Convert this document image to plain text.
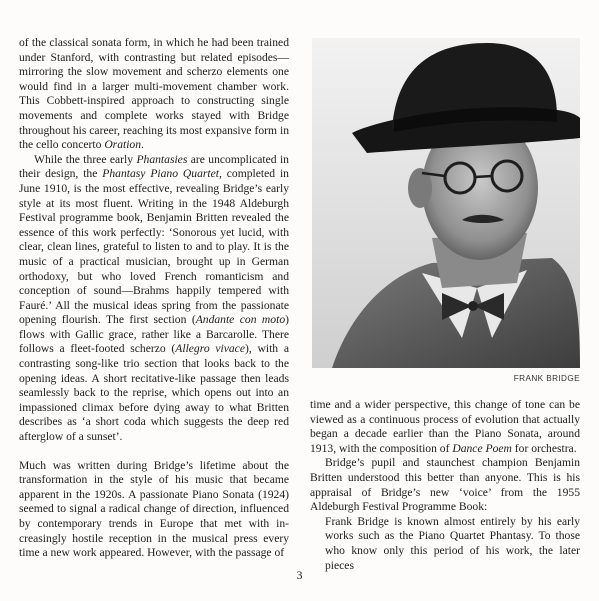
of the classical sonata form, in which he had been trained under Stanford, with contrasting but related episodes—mirroring the slow movement and scherzo elements one would find in a larger multi-movement chamber work. This Cobbett-inspired approach to constructing single movements and complete works stayed with Bridge throughout his career, reaching its most expansive form in the cello concerto Oration.

While the three early Phantasies are uncomplicated in their design, the Phantasy Piano Quartet, completed in June 1910, is the most effective, revealing Bridge’s early style at its most fluent. Writing in the 1948 Aldeburgh Festival programme book, Benjamin Britten revealed the essence of this work perfectly: ‘Sonorous yet lucid, with clear, clean lines, grateful to listen to and to play. It is the music of a practical musician, brought up in German orthodoxy, but who loved French romanticism and conception of sound—Brahms happily tempered with Fauré.’ All the musical ideas spring from the passionate opening flourish. The first section (Andante con moto) flows with Gallic grace, rather like a Barcarolle. There follows a fleet-footed scherzo (Allegro vivace), with a contrasting song-like trio section that looks back to the opening ideas. A short recitative-like passage then leads seamlessly back to the reprise, which opens out into an impassioned climax before dying away to what Britten describes as ‘a short coda which suggests the deep red afterglow of a sunset’.

Much was written during Bridge’s lifetime about the transformation in the style of his music that became apparent in the 1920s. A passionate Piano Sonata (1924) seemed to signal a radical change of direction, influenced by contemporary trends in Europe that met with increasingly hostile reception in the musical press every time a new work appeared. However, with the passage of

FRANK BRIDGE

time and a wider perspective, this change of tone can be viewed as a continuous process of evolution that actually began a decade earlier than the Piano Sonata, around 1913, with the composition of Dance Poem for orchestra.

Bridge’s pupil and staunchest champion Benjamin Britten understood this better than anyone. This is his appraisal of Bridge’s new ‘voice’ from the 1955 Aldeburgh Festival Programme Book:

Frank Bridge is known almost entirely by his early works such as the Piano Quartet Phantasy. To those who know only this period of his work, the later pieces

3
